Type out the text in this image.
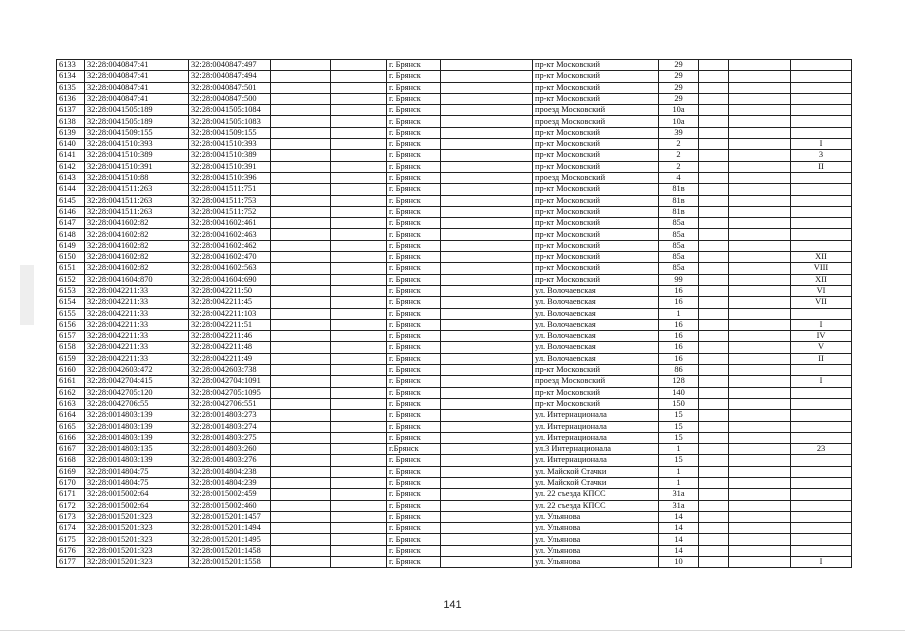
6133	32:28:0040847:41	32:28:0040847:497			г. Брянск		пр-кт Московский	29			
6134	32:28:0040847:41	32:28:0040847:494			г. Брянск		пр-кт Московский	29			
6135	32:28:0040847:41	32:28:0040847:501			г. Брянск		пр-кт Московский	29			
6136	32:28:0040847:41	32:28:0040847:500			г. Брянск		пр-кт Московский	29			
6137	32:28:0041505:189	32:28:0041505:1084			г. Брянск		проезд Московский	10а			
6138	32:28:0041505:189	32:28:0041505:1083			г. Брянск		проезд Московский	10а			
6139	32:28:0041509:155	32:28:0041509:155			г. Брянск		пр-кт Московский	39			
6140	32:28:0041510:393	32:28:0041510:393			г. Брянск		пр-кт Московский	2			I
6141	32:28:0041510:389	32:28:0041510:389			г. Брянск		пр-кт Московский	2			3
6142	32:28:0041510:391	32:28:0041510:391			г. Брянск		пр-кт Московский	2			II
6143	32:28:0041510:88	32:28:0041510:396			г. Брянск		проезд Московский	4			
6144	32:28:0041511:263	32:28:0041511:751			г. Брянск		пр-кт Московский	81в			
6145	32:28:0041511:263	32:28:0041511:753			г. Брянск		пр-кт Московский	81в			
6146	32:28:0041511:263	32:28:0041511:752			г. Брянск		пр-кт Московский	81в			
6147	32:28:0041602:82	32:28:0041602:461			г. Брянск		пр-кт Московский	85а			
6148	32:28:0041602:82	32:28:0041602:463			г. Брянск		пр-кт Московский	85а			
6149	32:28:0041602:82	32:28:0041602:462			г. Брянск		пр-кт Московский	85а			
6150	32:28:0041602:82	32:28:0041602:470			г. Брянск		пр-кт Московский	85а			XII
6151	32:28:0041602:82	32:28:0041602:563			г. Брянск		пр-кт Московский	85а			VIII
6152	32:28:0041604:870	32:28:0041604:690			г. Брянск		пр-кт Московский	99			XII
6153	32:28:0042211:33	32:28:0042211:50			г. Брянск		ул. Волочаевская	16			VI
6154	32:28:0042211:33	32:28:0042211:45			г. Брянск		ул. Волочаевская	16			VII
6155	32:28:0042211:33	32:28:0042211:103			г. Брянск		ул. Волочаевская	1			
6156	32:28:0042211:33	32:28:0042211:51			г. Брянск		ул. Волочаевская	16			I
6157	32:28:0042211:33	32:28:0042211:46			г. Брянск		ул. Волочаевская	16			IV
6158	32:28:0042211:33	32:28:0042211:48			г. Брянск		ул. Волочаевская	16			V
6159	32:28:0042211:33	32:28:0042211:49			г. Брянск		ул. Волочаевская	16			II
6160	32:28:0042603:472	32:28:0042603:738			г. Брянск		пр-кт Московский	86			
6161	32:28:0042704:415	32:28:0042704:1091			г. Брянск		проезд Московский	128			I
6162	32:28:0042705:120	32:28:0042705:1095			г. Брянск		пр-кт Московский	140			
6163	32:28:0042706:55	32:28:0042706:551			г. Брянск		пр-кт Московский	150			
6164	32:28:0014803:139	32:28:0014803:273			г. Брянск		ул. Интернационала	15			
6165	32:28:0014803:139	32:28:0014803:274			г. Брянск		ул. Интернационала	15			
6166	32:28:0014803:139	32:28:0014803:275			г. Брянск		ул. Интернационала	15			
6167	32:28:0014803:135	32:28:0014803:260			г.Брянск		ул.3 Интернационала	1			23
6168	32:28:0014803:139	32:28:0014803:276			г. Брянск		ул. Интернационала	15			
6169	32:28:0014804:75	32:28:0014804:238			г. Брянск		ул. Майской Стачки	1			
6170	32:28:0014804:75	32:28:0014804:239			г. Брянск		ул. Майской Стачки	1			
6171	32:28:0015002:64	32:28:0015002:459			г. Брянск		ул. 22 съезда КПСС	31а			
6172	32:28:0015002:64	32:28:0015002:460			г. Брянск		ул. 22 съезда КПСС	31а			
6173	32:28:0015201:323	32:28:0015201:1457			г. Брянск		ул. Ульянова	14			
6174	32:28:0015201:323	32:28:0015201:1494			г. Брянск		ул. Ульянова	14			
6175	32:28:0015201:323	32:28:0015201:1495			г. Брянск		ул. Ульянова	14			
6176	32:28:0015201:323	32:28:0015201:1458			г. Брянск		ул. Ульянова	14			
6177	32:28:0015201:323	32:28:0015201:1558			г. Брянск		ул. Ульянова	10			I
141
